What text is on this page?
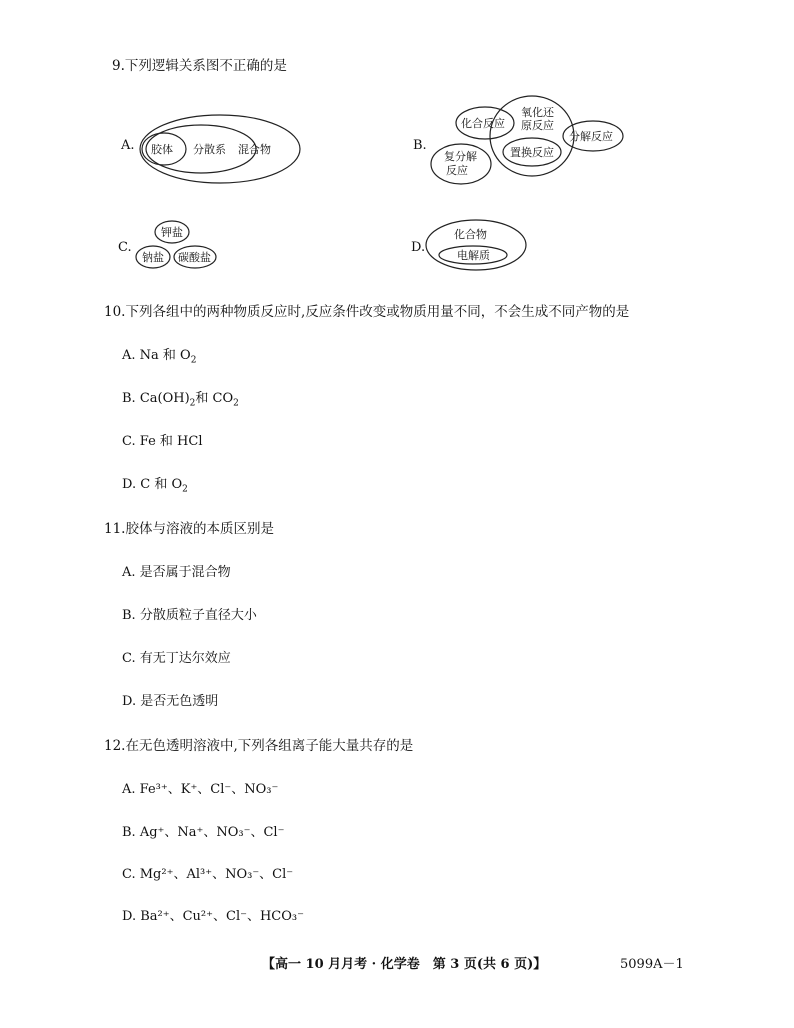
9.下列逻辑关系图不正确的是
A. 胶体 分散系 混合物	B.
化合反应
氧化还
原反应
分解反应
复分解
反应
置换反应
C.
钾盐
钠盐 碳酸盐
D.
化合物
电解质
10.下列各组中的两种物质反应时,反应条件改变或物质用量不同，不会生成不同产物的是
A. Na 和 $O_2$
B. $Ca(OH)_2$和 $CO_2$
C. Fe 和 HCl
D. C 和 $O_2$
11.胶体与溶液的本质区别是
A. 是否属于混合物
B. 分散质粒子直径大小
C. 有无丁达尔效应
D. 是否无色透明
12.在无色透明溶液中,下列各组离子能大量共存的是
A. Fe³⁺、K⁺、Cl⁻、NO₃⁻
B. Ag⁺、Na⁺、NO₃⁻、Cl⁻
C. Mg²⁺、Al³⁺、NO₃⁻、Cl⁻
D. Ba²⁺、Cu²⁺、Cl⁻、HCO₃⁻
【高一 10 月月考 · 化学卷　第 3 页(共 6 页)】	5099A－1
